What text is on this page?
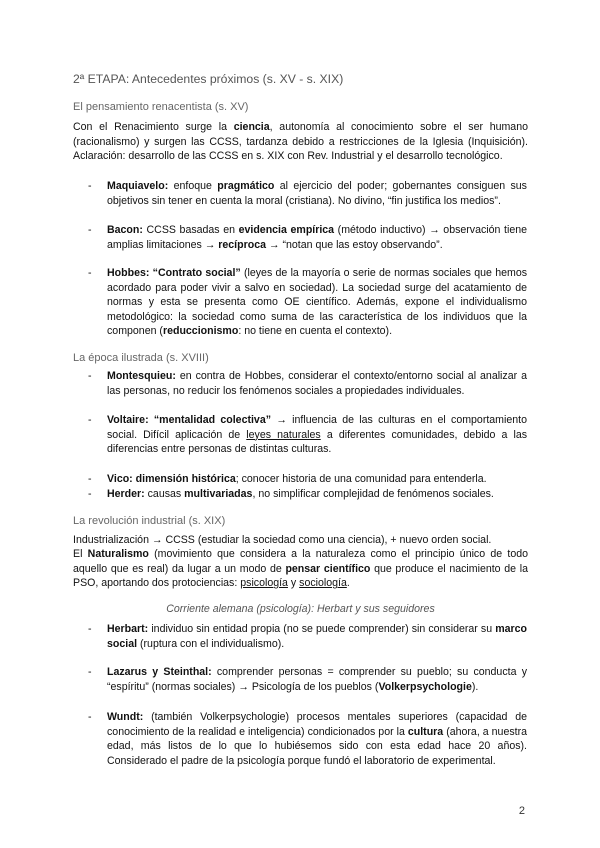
2ª ETAPA: Antecedentes próximos (s. XV - s. XIX)
El pensamiento renacentista (s. XV)
Con el Renacimiento surge la ciencia, autonomía al conocimiento sobre el ser humano (racionalismo) y surgen las CCSS, tardanza debido a restricciones de la Iglesia (Inquisición). Aclaración: desarrollo de las CCSS en s. XIX con Rev. Industrial y el desarrollo tecnológico.
-	Maquiavelo: enfoque pragmático al ejercicio del poder; gobernantes consiguen sus objetivos sin tener en cuenta la moral (cristiana). No divino, “fin justifica los medios”.
-	Bacon: CCSS basadas en evidencia empírica (método inductivo) → observación tiene amplias limitaciones → recíproca → “notan que las estoy observando”.
-	Hobbes: “Contrato social” (leyes de la mayoría o serie de normas sociales que hemos acordado para poder vivir a salvo en sociedad). La sociedad surge del acatamiento de normas y esta se presenta como OE científico. Además, expone el individualismo metodológico: la sociedad como suma de las característica de los individuos que la componen (reduccionismo: no tiene en cuenta el contexto).
La época ilustrada (s. XVIII)
-	Montesquieu: en contra de Hobbes, considerar el contexto/entorno social al analizar a las personas, no reducir los fenómenos sociales a propiedades individuales.
-	Voltaire: “mentalidad colectiva” → influencia de las culturas en el comportamiento social. Difícil aplicación de leyes naturales a diferentes comunidades, debido a las diferencias entre personas de distintas culturas.
-	Vico: dimensión histórica; conocer historia de una comunidad para entenderla.
-	Herder: causas multivariadas, no simplificar complejidad de fenómenos sociales.
La revolución industrial (s. XIX)
Industrialización → CCSS (estudiar la sociedad como una ciencia), + nuevo orden social.
El Naturalismo (movimiento que considera a la naturaleza como el principio único de todo aquello que es real) da lugar a un modo de pensar científico que produce el nacimiento de la PSO, aportando dos protociencias: psicología y sociología.
Corriente alemana (psicología): Herbart y sus seguidores
-	Herbart: individuo sin entidad propia (no se puede comprender) sin considerar su marco social (ruptura con el individualismo).
-	Lazarus y Steinthal: comprender personas = comprender su pueblo; su conducta y “espíritu” (normas sociales) → Psicología de los pueblos (Volkerpsychologie).
-	Wundt: (también Volkerpsychologie) procesos mentales superiores (capacidad de conocimiento de la realidad e inteligencia) condicionados por la cultura (ahora, a nuestra edad, más listos de lo que lo hubiésemos sido con esta edad hace 20 años). Considerado el padre de la psicología porque fundó el laboratorio de experimental.
2
